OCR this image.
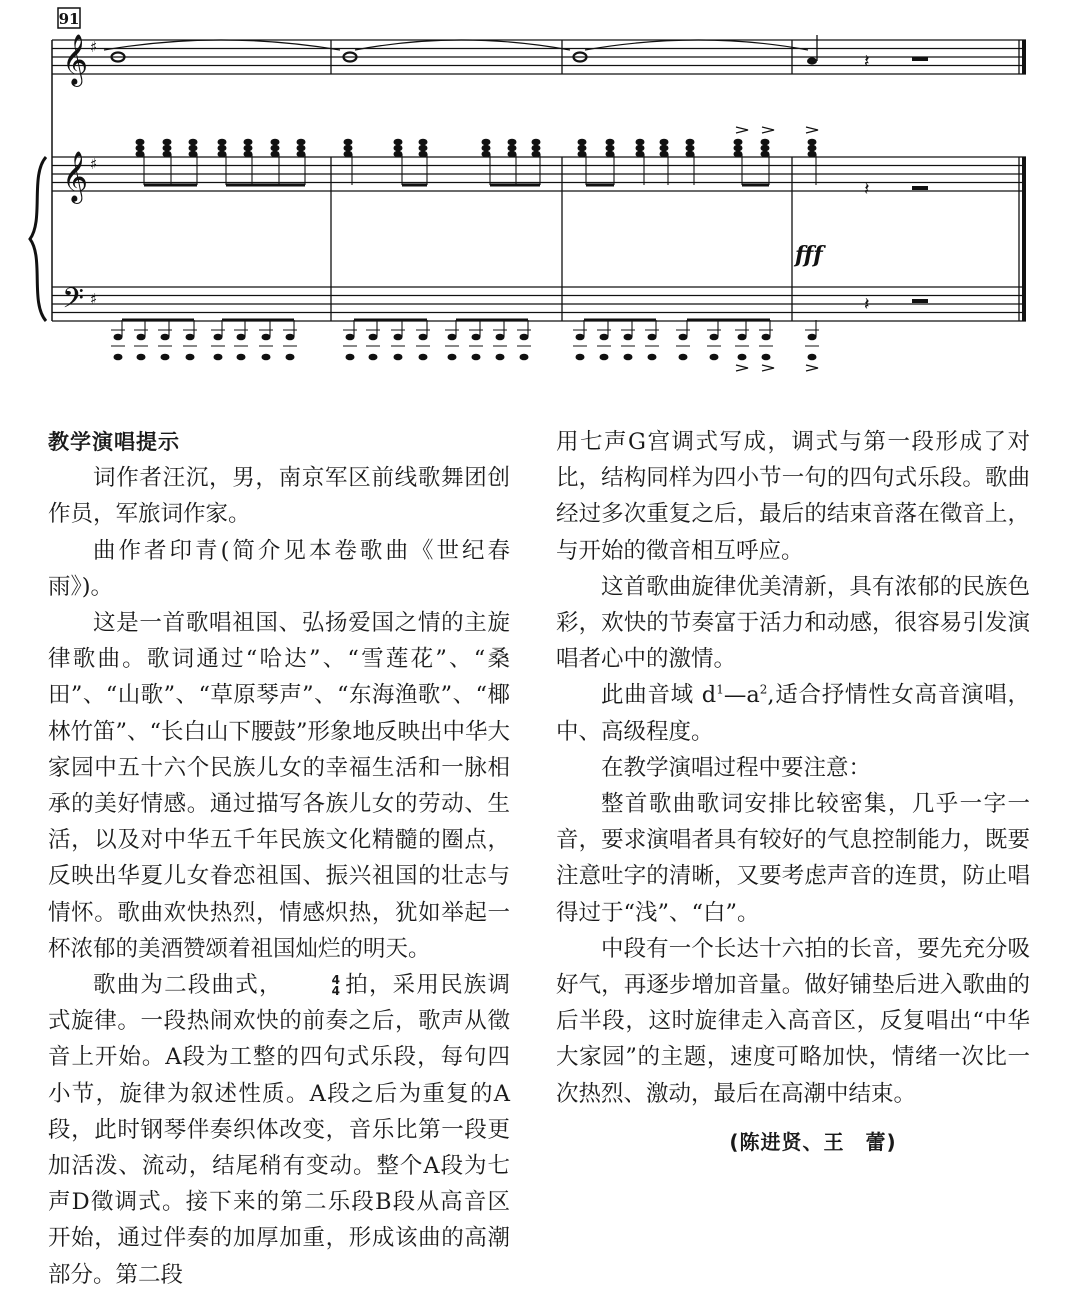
91
fff
𝄞
𝄞
𝄢
♯
♯
♯
𝄽
𝄽
𝄽
教学演唱提示

词作者汪沉，男，南京军区前线歌舞团创作员，军旅词作家。

曲作者印青(简介见本卷歌曲《世纪春雨》)。

这是一首歌唱祖国、弘扬爱国之情的主旋律歌曲。歌词通过“哈达”、“雪莲花”、“桑田”、“山歌”、“草原琴声”、“东海渔歌”、“椰林竹笛”、“长白山下腰鼓”形象地反映出中华大家园中五十六个民族儿女的幸福生活和一脉相承的美好情感。通过描写各族儿女的劳动、生活，以及对中华五千年民族文化精髓的圈点，反映出华夏儿女眷恋祖国、振兴祖国的壮志与情怀。歌曲欢快热烈，情感炽热，犹如举起一杯浓郁的美酒赞颂着祖国灿烂的明天。

歌曲为二段曲式，	4
4 拍，采用民族调式旋律。一段热闹欢快的前奏之后，歌声从徵音上开始。A段为工整的四句式乐段，每句四小节，旋律为叙述性质。A段之后为重复的A段，此时钢琴伴奏织体改变，音乐比第一段更加活泼、流动，结尾稍有变动。整个A段为七声D徵调式。接下来的第二乐段B段从高音区开始，通过伴奏的加厚加重，形成该曲的高潮部分。第二段

用七声G宫调式写成，调式与第一段形成了对比，结构同样为四小节一句的四句式乐段。歌曲经过多次重复之后，最后的结束音落在徵音上，与开始的徵音相互呼应。

这首歌曲旋律优美清新，具有浓郁的民族色彩，欢快的节奏富于活力和动感，很容易引发演唱者心中的激情。

此曲音域 $d^1—a^2$,适合抒情性女高音演唱，中、高级程度。

在教学演唱过程中要注意：

整首歌曲歌词安排比较密集，几乎一字一音，要求演唱者具有较好的气息控制能力，既要注意吐字的清晰，又要考虑声音的连贯，防止唱得过于“浅”、“白”。

中段有一个长达十六拍的长音，要先充分吸好气，再逐步增加音量。做好铺垫后进入歌曲的后半段，这时旋律走入高音区，反复唱出“中华大家园”的主题，速度可略加快，情绪一次比一次热烈、激动，最后在高潮中结束。

(陈进贤、王　蕾)
